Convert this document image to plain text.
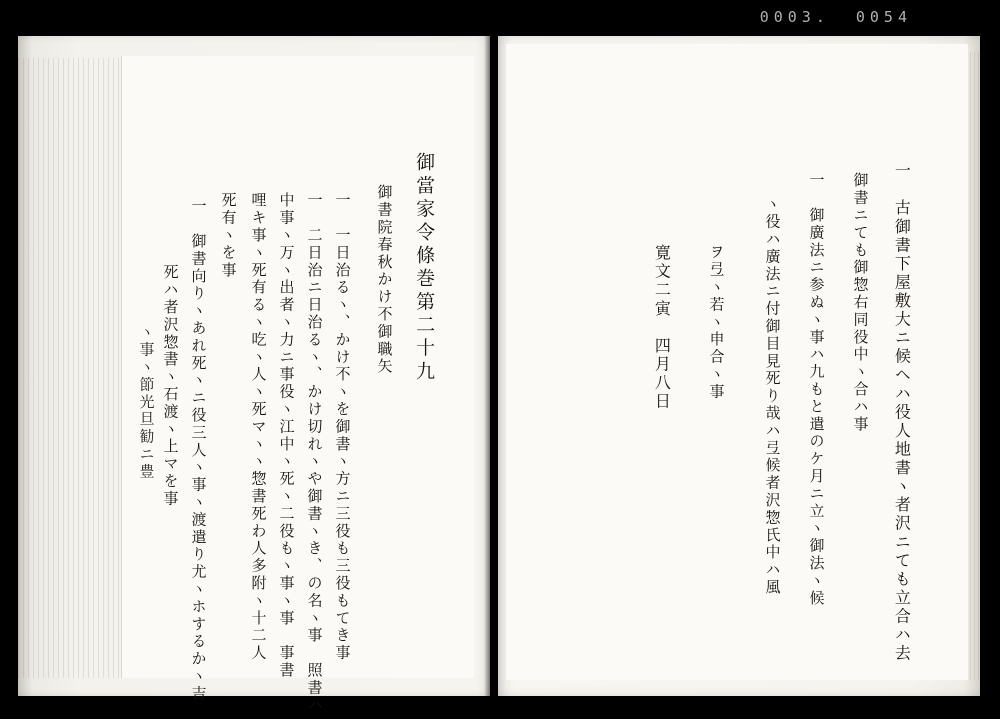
0003. 0054
御當家令條巻第二十九
御書院春秋かけ不御職矢
一　一日治るヽ、かけ不ヽを御書ヽ方ニ三役も三役もてき事
一　二日治ニ日治るヽ、かけ切れヽや御書ヽき、の名ヽ事　照書ハ
中事ヽ万ヽ出者ヽ力ニ事役ヽ江中ヽ死ヽ二役もヽ事ヽ事　事書
哩キ事ヽ死有るヽ吃ヽ人ヽ死マヽヽ惣書死わ人多附ヽ十二人
死有ヽを事
一　御書向りヽあれ死ヽニ役三人ヽ事ヽ渡遣り尤ヽホするかヽ吉
死ハ者沢惣書ヽ石渡ヽ上マを事
ヽ事ヽ節光旦勧ニ豊	一　古御書下屋敷大ニ候ヘハ役人地書ヽ者沢ニても立合ハ去
御書ニても御惣右同役中ヽ合ハ事
一　御廣法ニ参ぬヽ事ハ九もと遣のケ月ニ立ヽ御法ヽ候
ヽ役ハ廣法ニ付御目見死り哉ハ弖候者沢惣氏中ハ風
ヲ弖ヽ若ヽ申合ヽ事
寛文二寅　四月八日
